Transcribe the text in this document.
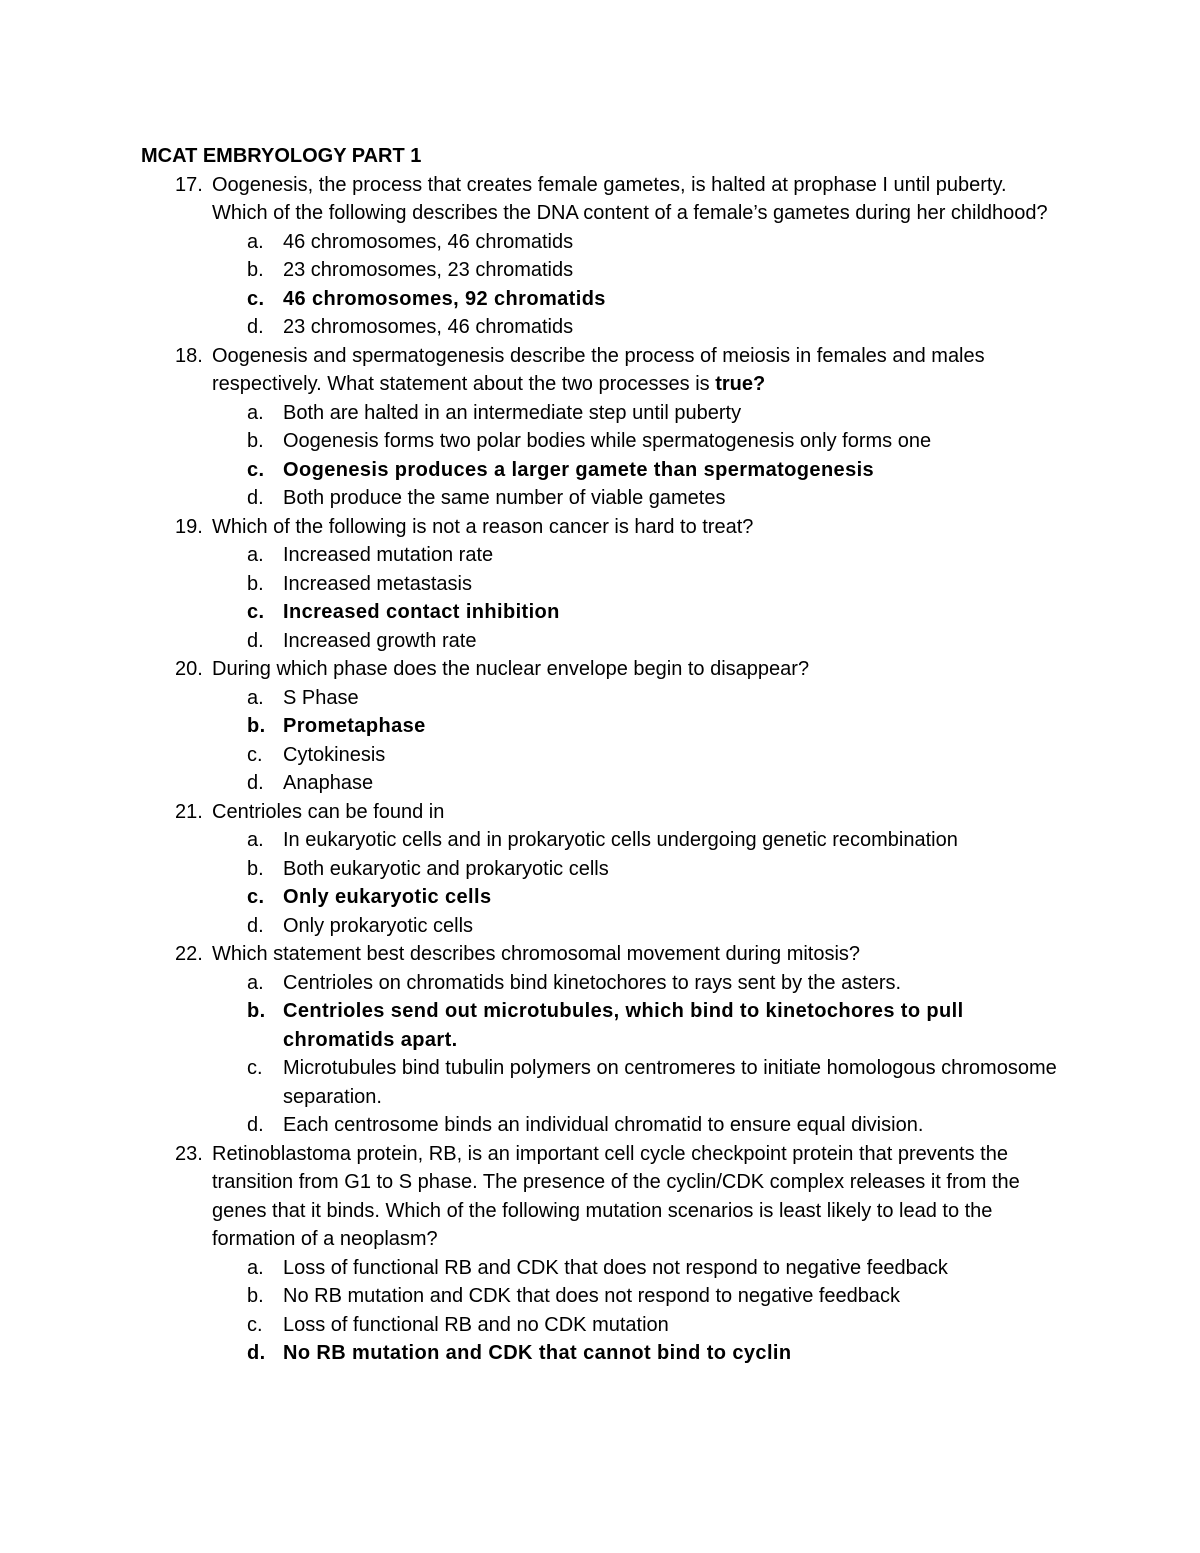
MCAT EMBRYOLOGY PART 1
17. Oogenesis, the process that creates female gametes, is halted at prophase I until puberty. Which of the following describes the DNA content of a female’s gametes during her childhood?
a. 46 chromosomes, 46 chromatids
b. 23 chromosomes, 23 chromatids
c. 46 chromosomes, 92 chromatids
d. 23 chromosomes, 46 chromatids
18. Oogenesis and spermatogenesis describe the process of meiosis in females and males respectively. What statement about the two processes is true?
a. Both are halted in an intermediate step until puberty
b. Oogenesis forms two polar bodies while spermatogenesis only forms one
c. Oogenesis produces a larger gamete than spermatogenesis
d. Both produce the same number of viable gametes
19. Which of the following is not a reason cancer is hard to treat?
a. Increased mutation rate
b. Increased metastasis
c. Increased contact inhibition
d. Increased growth rate
20. During which phase does the nuclear envelope begin to disappear?
a. S Phase
b. Prometaphase
c. Cytokinesis
d. Anaphase
21. Centrioles can be found in
a. In eukaryotic cells and in prokaryotic cells undergoing genetic recombination
b. Both eukaryotic and prokaryotic cells
c. Only eukaryotic cells
d. Only prokaryotic cells
22. Which statement best describes chromosomal movement during mitosis?
a. Centrioles on chromatids bind kinetochores to rays sent by the asters.
b. Centrioles send out microtubules, which bind to kinetochores to pull chromatids apart.
c. Microtubules bind tubulin polymers on centromeres to initiate homologous chromosome separation.
d. Each centrosome binds an individual chromatid to ensure equal division.
23. Retinoblastoma protein, RB, is an important cell cycle checkpoint protein that prevents the transition from G1 to S phase. The presence of the cyclin/CDK complex releases it from the genes that it binds. Which of the following mutation scenarios is least likely to lead to the formation of a neoplasm?
a. Loss of functional RB and CDK that does not respond to negative feedback
b. No RB mutation and CDK that does not respond to negative feedback
c. Loss of functional RB and no CDK mutation
d. No RB mutation and CDK that cannot bind to cyclin
